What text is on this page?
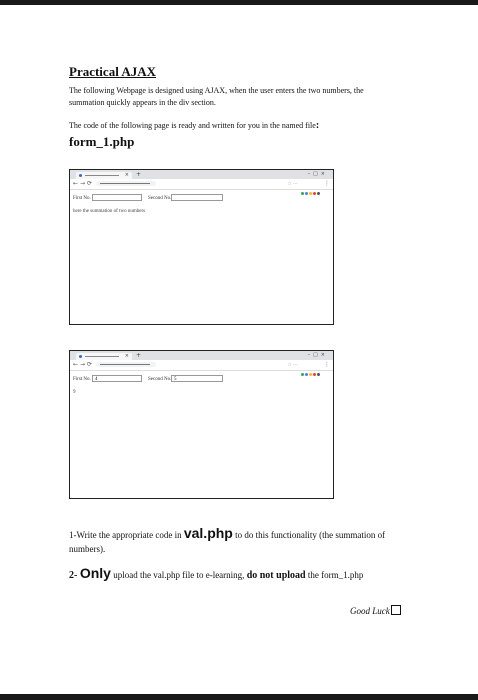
Practical AJAX
The following Webpage is designed using AJAX, when the user enters the two numbers, the summation quickly appears in the div section.
The code of the following page is ready and written for you in the named file:
form_1.php
× +	–□×
←→⟳	☆⋯	⋮
First No.	Second No.
here the summation of two numbers
× +	–□×
←→⟳	☆⋯	⋮
First No. 4	Second No. 5
9
1-Write the appropriate code in val.php to do this functionality (the summation of numbers).
2- Only upload the val.php file to e-learning, do not upload the form_1.php
Good Luck
